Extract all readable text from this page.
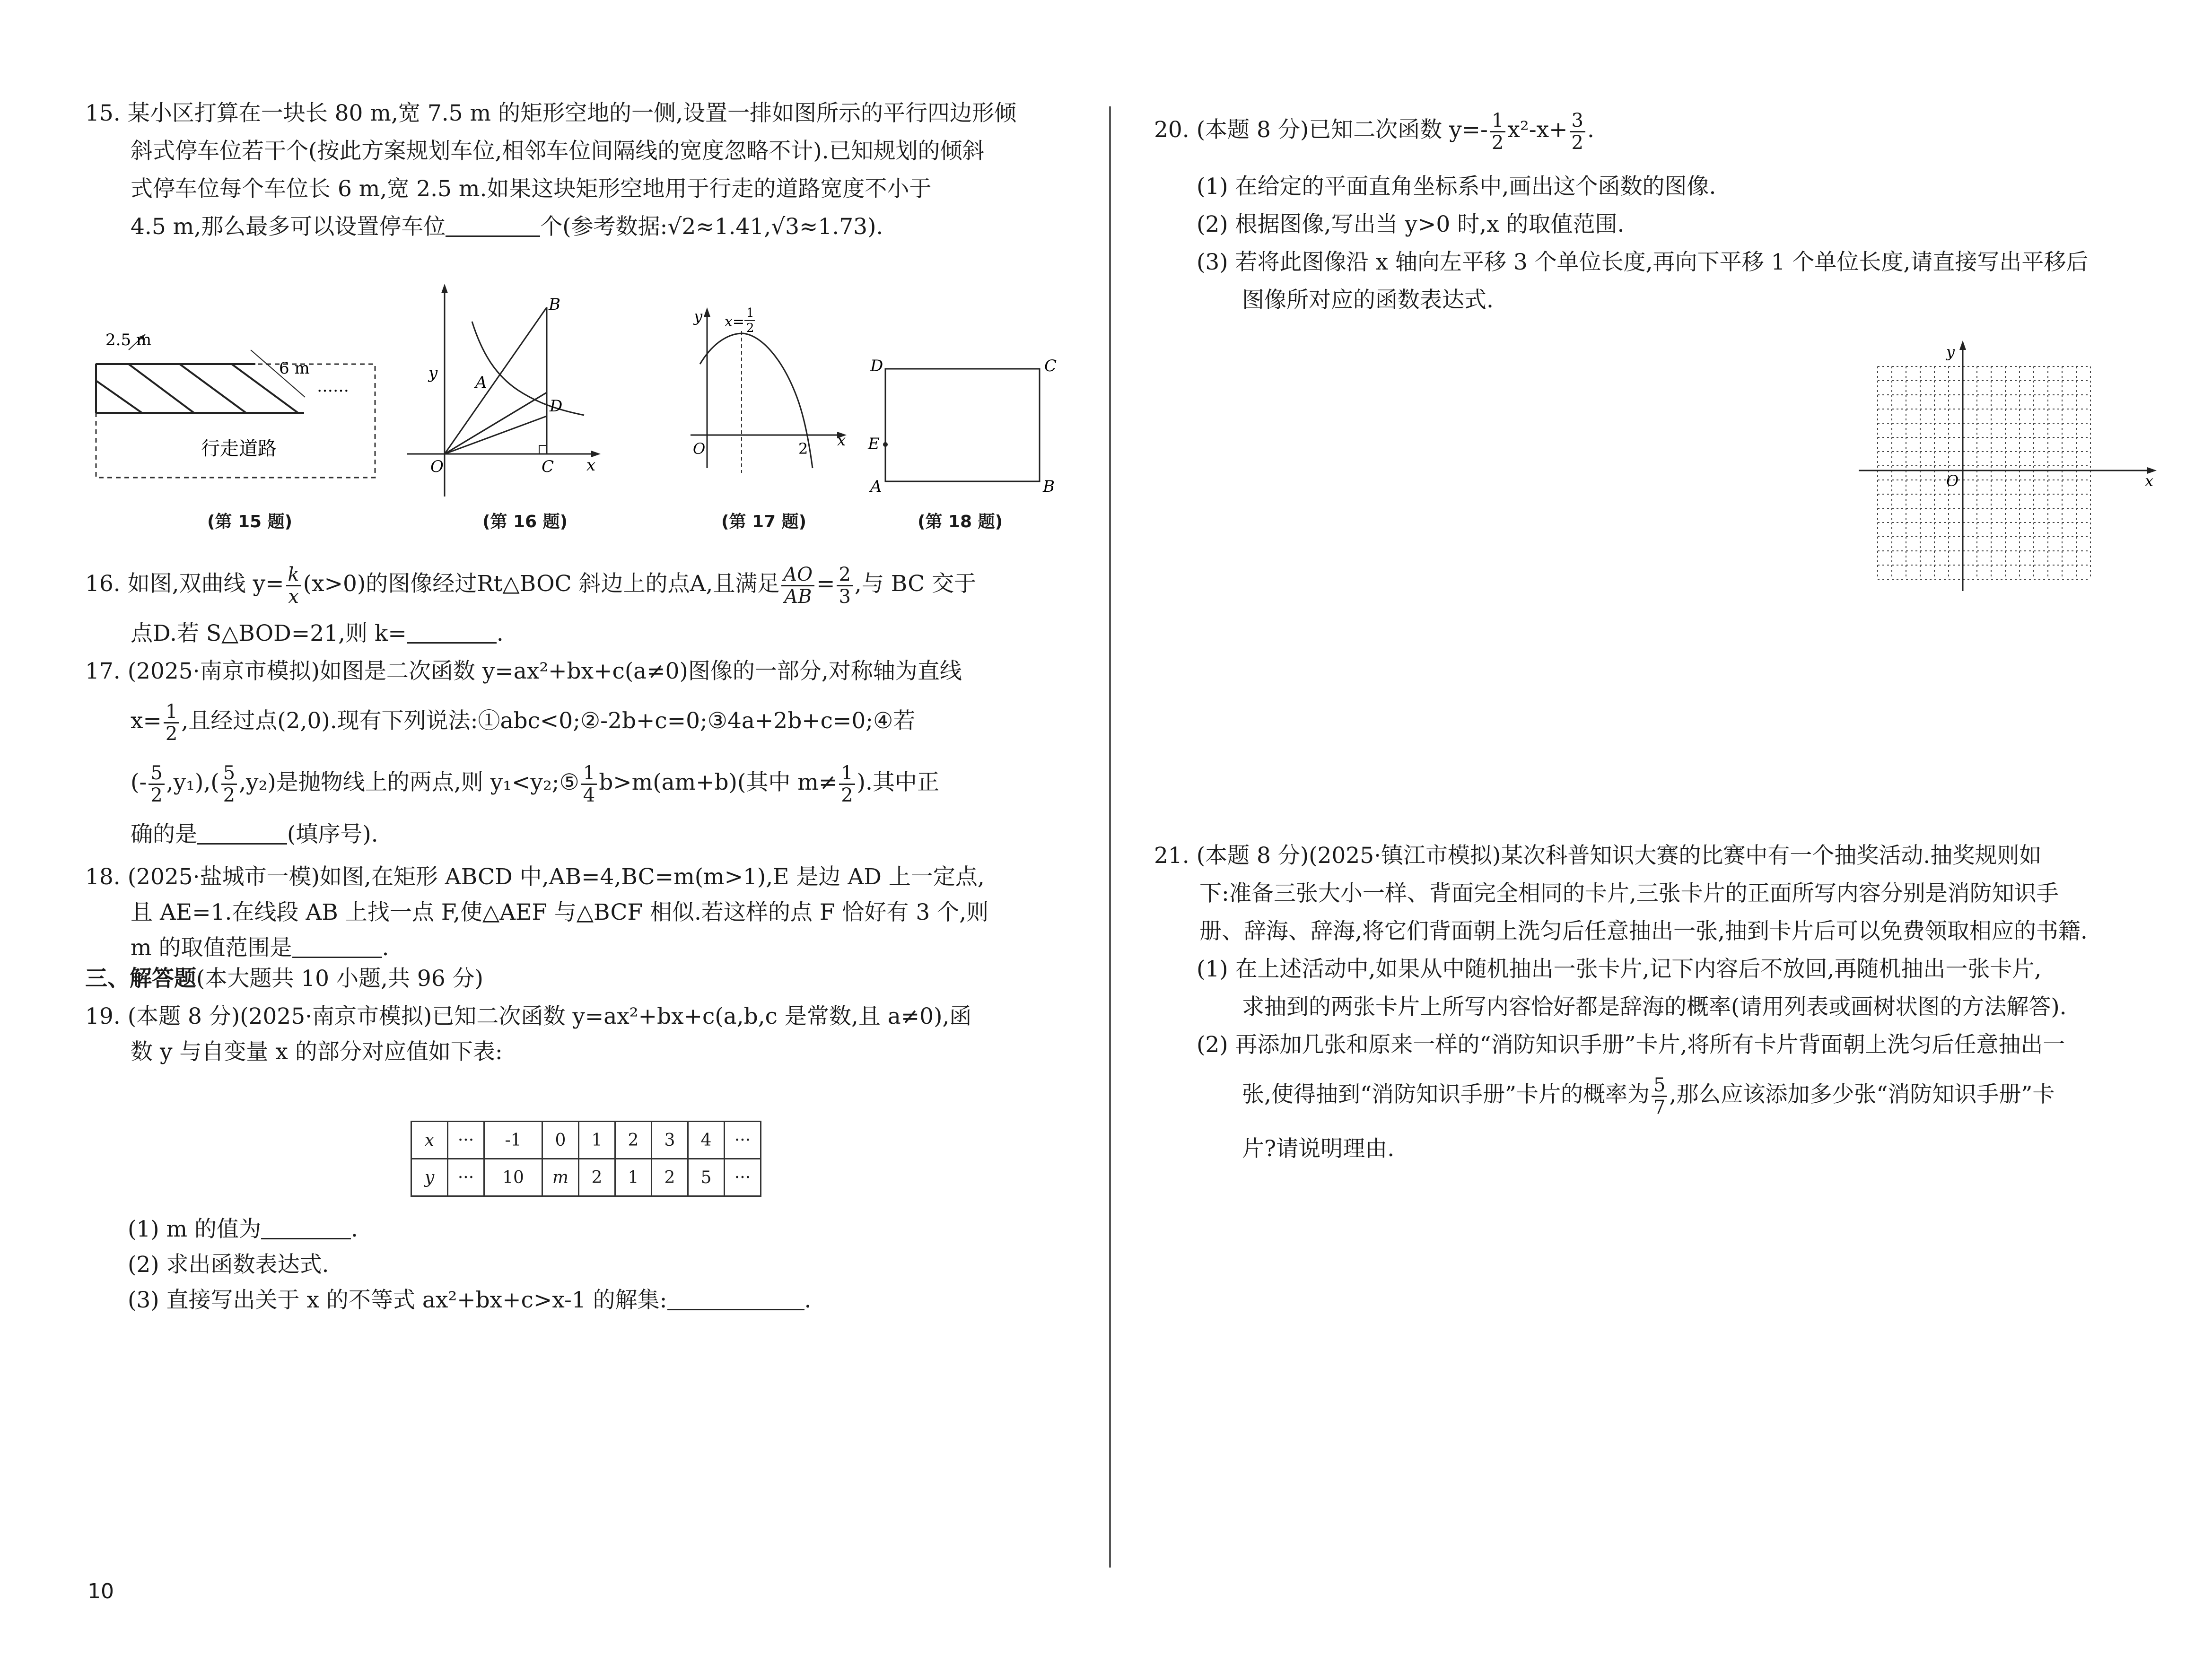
15. 某小区打算在一块长 80 m,宽 7.5 m 的矩形空地的一侧,设置一排如图所示的平行四边形倾
斜式停车位若干个(按此方案规划车位,相邻车位间隔线的宽度忽略不计).已知规划的倾斜
式停车位每个车位长 6 m,宽 2.5 m.如果这块矩形空地用于行走的道路宽度不小于
4.5 m,那么最多可以设置停车位	个(参考数据:√2≈1.41,√3≈1.73).
2.5 m
6 m
……
行走道路
(第 15 题)
y
x
O
B
A
D
C
(第 16 题)
y
x
O	2
x=
1
2
(第 17 题)
D	C
E
A	B
(第 18 题)
16. 如图,双曲线 $y= \frac{k}{x} (x>0)$的图像经过Rt△BOC 斜边上的点A,且满足 $\frac{AO}{AB} = \frac{2}{3}$ ,与 BC 交于
点D.若 S△BOD=21,则 k=	.
17. (2025·南京市模拟)如图是二次函数 y=ax²+bx+c(a≠0)图像的一部分,对称轴为直线
$x= \frac{1}{2}$ ,且经过点(2,0).现有下列说法:①abc<0;②-2b+c=0;③4a+2b+c=0;④若
(- $\frac{5}{2} ,y_1),( \frac{5}{2} ,y_2)$是抛物线上的两点,则 y₁<y₂;⑤ $\frac{1}{4} b>m(am+b)$(其中 $m\ne \frac{1}{2}$ ).其中正
确的是	(填序号).
18. (2025·盐城市一模)如图,在矩形 ABCD 中,AB=4,BC=m(m>1),E 是边 AD 上一定点,
且 AE=1.在线段 AB 上找一点 F,使△AEF 与△BCF 相似.若这样的点 F 恰好有 3 个,则
m 的取值范围是	.
三、解答题(本大题共 10 小题,共 96 分)
19. (本题 8 分)(2025·南京市模拟)已知二次函数 y=ax²+bx+c(a,b,c 是常数,且 a≠0),函
数 y 与自变量 x 的部分对应值如下表:
x	···	-1	0	1	2	3	4	···
y	···	10	m	2	1	2	5	···
(1) m 的值为	.
(2) 求出函数表达式.
(3) 直接写出关于 x 的不等式 ax²+bx+c>x-1 的解集:	.
20. (本题 8 分)已知二次函数 $y=- \frac{1}{2} x^2-x+ \frac{3}{2}$ .
(1) 在给定的平面直角坐标系中,画出这个函数的图像.
(2) 根据图像,写出当 y>0 时,x 的取值范围.
(3) 若将此图像沿 x 轴向左平移 3 个单位长度,再向下平移 1 个单位长度,请直接写出平移后
图像所对应的函数表达式.
y
x
O
21. (本题 8 分)(2025·镇江市模拟)某次科普知识大赛的比赛中有一个抽奖活动.抽奖规则如
下:准备三张大小一样、背面完全相同的卡片,三张卡片的正面所写内容分别是消防知识手
册、辞海、辞海,将它们背面朝上洗匀后任意抽出一张,抽到卡片后可以免费领取相应的书籍.
(1) 在上述活动中,如果从中随机抽出一张卡片,记下内容后不放回,再随机抽出一张卡片,
求抽到的两张卡片上所写内容恰好都是辞海的概率(请用列表或画树状图的方法解答).
(2) 再添加几张和原来一样的“消防知识手册”卡片,将所有卡片背面朝上洗匀后任意抽出一
张,使得抽到“消防知识手册”卡片的概率为 $\frac{5}{7}$ ,那么应该添加多少张“消防知识手册”卡
片?请说明理由.
10
